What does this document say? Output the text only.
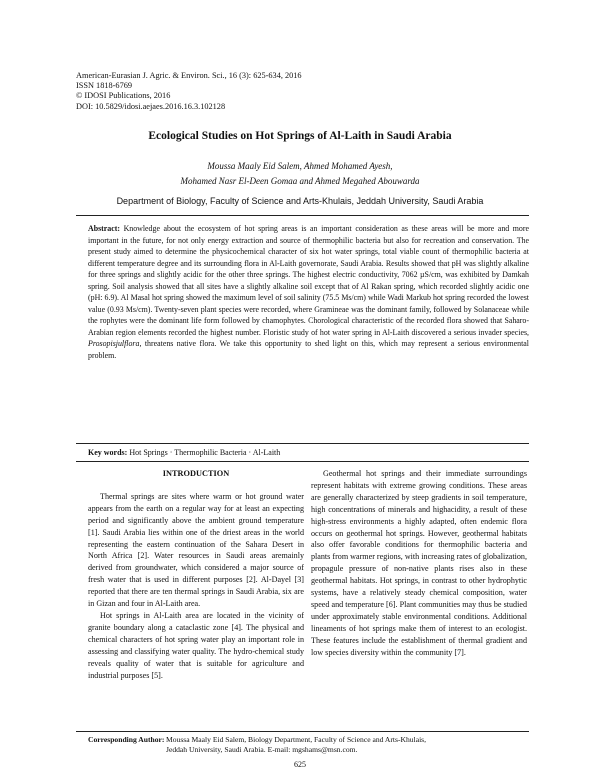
American-Eurasian J. Agric. & Environ. Sci., 16 (3): 625-634, 2016
ISSN 1818-6769
© IDOSI Publications, 2016
DOI: 10.5829/idosi.aejaes.2016.16.3.102128
Ecological Studies on Hot Springs of Al-Laith in Saudi Arabia
Moussa Maaly Eid Salem, Ahmed Mohamed Ayesh,
Mohamed Nasr El-Deen Gomaa and Ahmed Megahed Abouwarda
Department of Biology, Faculty of Science and Arts-Khulais, Jeddah University, Saudi Arabia
Abstract: Knowledge about the ecosystem of hot spring areas is an important consideration as these areas will be more and more important in the future, for not only energy extraction and source of thermophilic bacteria but also for recreation and conservation. The present study aimed to determine the physicochemical character of six hot water springs, total viable count of thermophilic bacteria at different temperature degree and its surrounding flora in Al-Laith governorate, Saudi Arabia. Results showed that pH was slightly alkaline for three springs and slightly acidic for the other three springs. The highest electric conductivity, 7062 µS/cm, was exhibited by Damkah spring. Soil analysis showed that all sites have a slightly alkaline soil except that of Al Rakan spring, which recorded slightly acidic one (pH: 6.9). Al Masal hot spring showed the maximum level of soil salinity (75.5 Ms/cm) while Wadi Markub hot spring recorded the lowest value (0.93 Ms/cm). Twenty-seven plant species were recorded, where Gramineae was the dominant family, followed by Solanaceae while the rophytes were the dominant life form followed by chamophytes. Chorological characteristic of the recorded flora showed that Saharo-Arabian region elements recorded the highest number. Floristic study of hot water spring in Al-Laith discovered a serious invader species, Prosopisjulflora, threatens native flora. We take this opportunity to shed light on this, which may represent a serious environmental problem.
Key words: Hot Springs · Thermophilic Bacteria · Al-Laith
INTRODUCTION

Thermal springs are sites where warm or hot ground water appears from the earth on a regular way for at least an expecting period and significantly above the ambient ground temperature [1]. Saudi Arabia lies within one of the driest areas in the world representing the eastern continuation of the Sahara Desert in North Africa [2]. Water resources in Saudi areas aremainly derived from groundwater, which considered a major source of fresh water that is used in different purposes [2]. Al-Dayel [3] reported that there are ten thermal springs in Saudi Arabia, six are in Gizan and four in Al-Laith area.

Hot springs in Al-Laith area are located in the vicinity of granite boundary along a cataclastic zone [4]. The physical and chemical characters of hot spring water play an important role in assessing and classifying water quality. The hydro-chemical study reveals quality of water that is suitable for agriculture and industrial purposes [5].

Geothermal hot springs and their immediate surroundings represent habitats with extreme growing conditions. These areas are generally characterized by steep gradients in soil temperature, high concentrations of minerals and highacidity, a result of these high-stress environments a highly adapted, often endemic flora occurs on geothermal hot springs. However, geothermal habitats also offer favorable conditions for thermophilic bacteria and plants from warmer regions, with increasing rates of globalization, propagule pressure of non-native plants rises also in these geothermal habitats. Hot springs, in contrast to other hydrophytic systems, have a relatively steady chemical composition, water speed and temperature [6]. Plant communities may thus be studied under approximately stable environmental conditions. Additional lineaments of hot springs make them of interest to an ecologist. These features include the establishment of thermal gradient and low species diversity within the community [7].

Corresponding Author: Moussa Maaly Eid Salem, Biology Department, Faculty of Science and Arts-Khulais,
Jeddah University, Saudi Arabia. E-mail: mgshams@msn.com.
625
